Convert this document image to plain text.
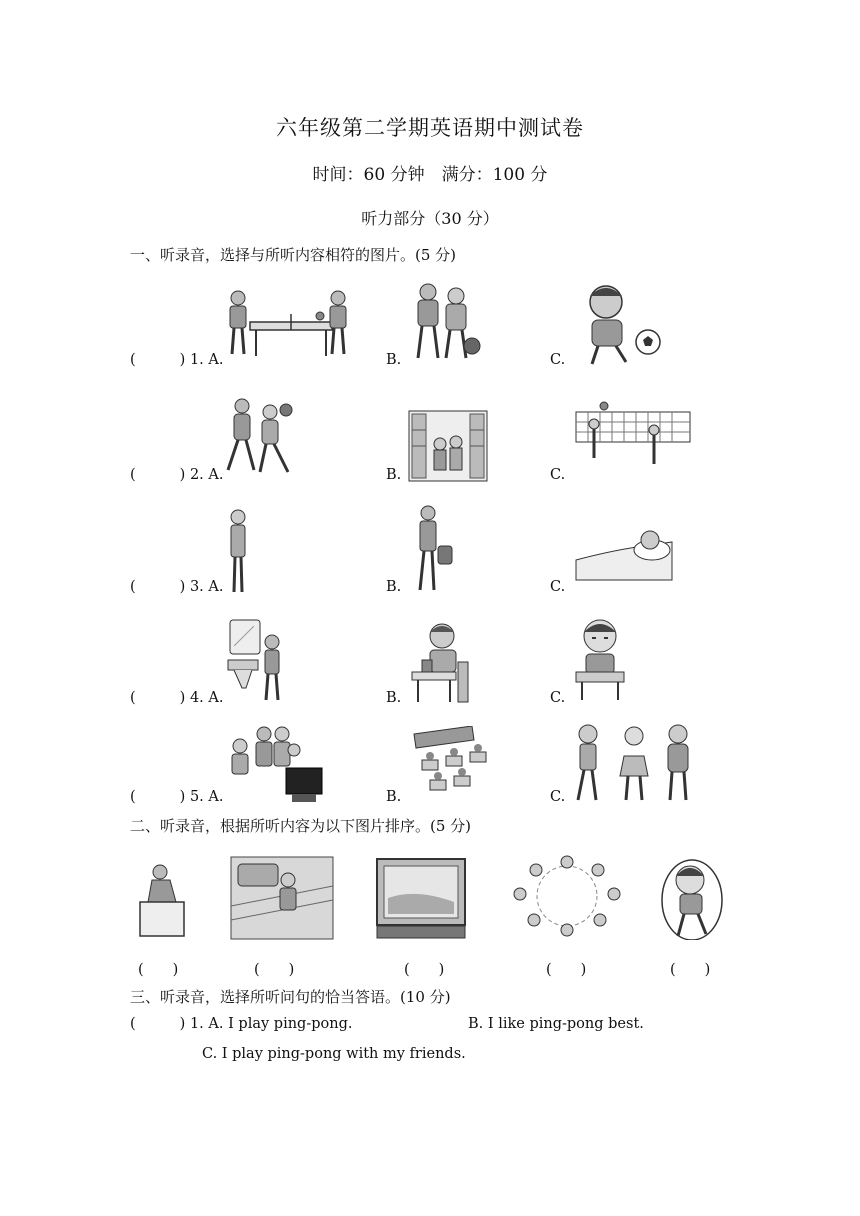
六年级第二学期英语期中测试卷
时间：60 分钟　满分：100 分
听力部分（30 分）
一、听录音，选择与所听内容相符的图片。(5 分)
(	) 1. A.	B.	C.
(	) 2. A.	B.	C.
(	) 3. A.	B.	C.
(	) 4. A.	B.	C.
(	) 5. A.	B.	C.
二、听录音，根据所听内容为以下图片排序。(5 分)
(　　)	(　　)	(　　)	(　　)	(　　)
三、听录音，选择所听问句的恰当答语。(10 分)
(	) 1. A. I play ping-pong.	B. I like ping-pong best.
C. I play ping-pong with my friends.
